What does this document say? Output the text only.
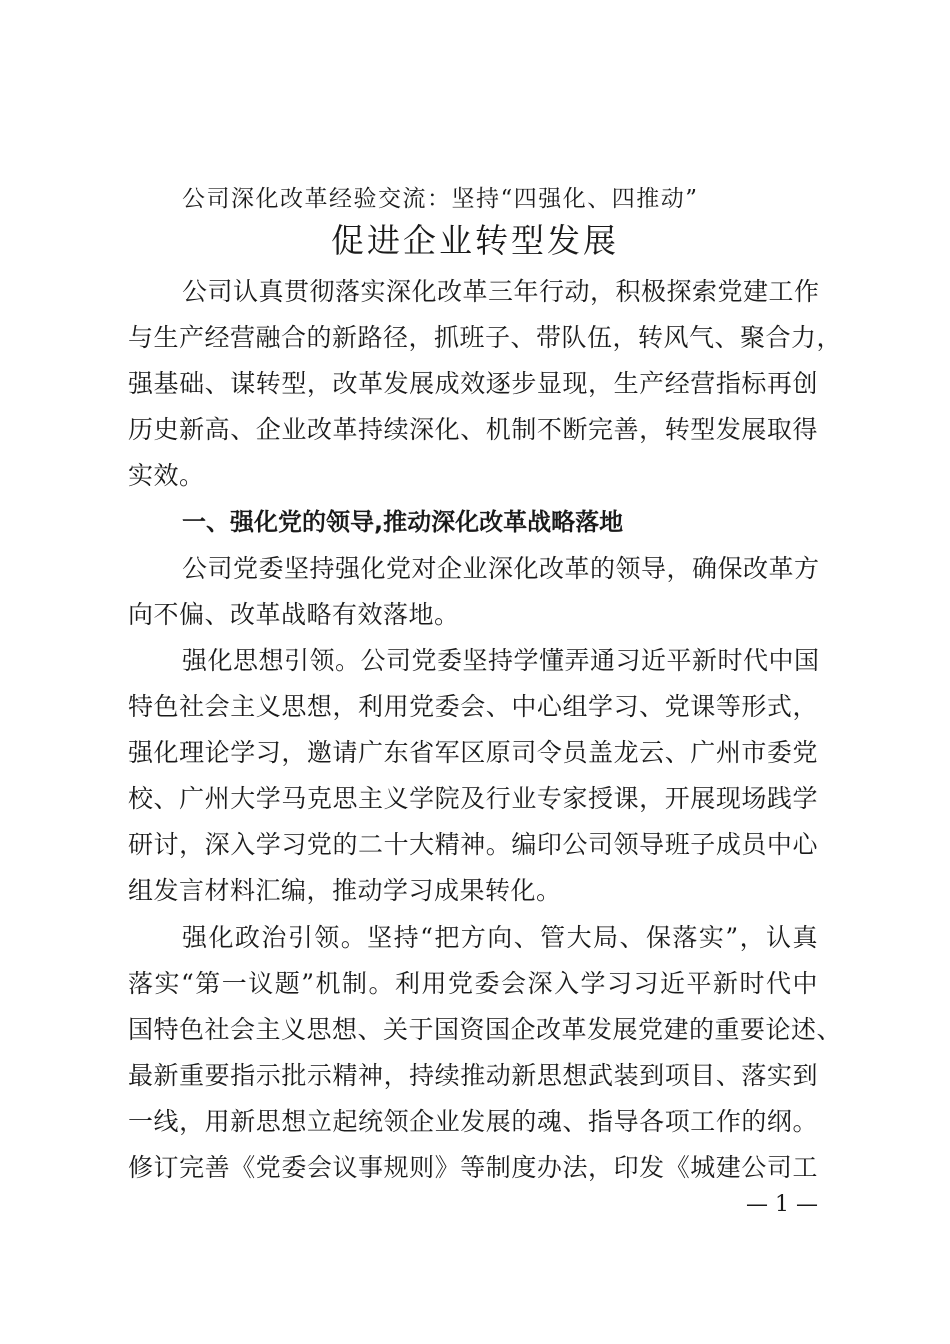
公司深化改革经验交流：坚持“四强化、四推动”
促进企业转型发展
公司认真贯彻落实深化改革三年行动，积极探索党建工作
与生产经营融合的新路径，抓班子、带队伍，转风气、聚合力，
强基础、谋转型，改革发展成效逐步显现，生产经营指标再创
历史新高、企业改革持续深化、机制不断完善，转型发展取得
实效。
一、强化党的领导,推动深化改革战略落地
公司党委坚持强化党对企业深化改革的领导，确保改革方
向不偏、改革战略有效落地。
强化思想引领。公司党委坚持学懂弄通习近平新时代中国
特色社会主义思想，利用党委会、中心组学习、党课等形式，
强化理论学习，邀请广东省军区原司令员盖龙云、广州市委党
校、广州大学马克思主义学院及行业专家授课，开展现场践学
研讨，深入学习党的二十大精神。编印公司领导班子成员中心
组发言材料汇编，推动学习成果转化。
强化政治引领。坚持“把方向、管大局、保落实”，认真
落实“第一议题”机制。利用党委会深入学习习近平新时代中
国特色社会主义思想、关于国资国企改革发展党建的重要论述、
最新重要指示批示精神，持续推动新思想武装到项目、落实到
一线，用新思想立起统领企业发展的魂、指导各项工作的纲。
修订完善《党委会议事规则》等制度办法，印发《城建公司工
— 1 —
